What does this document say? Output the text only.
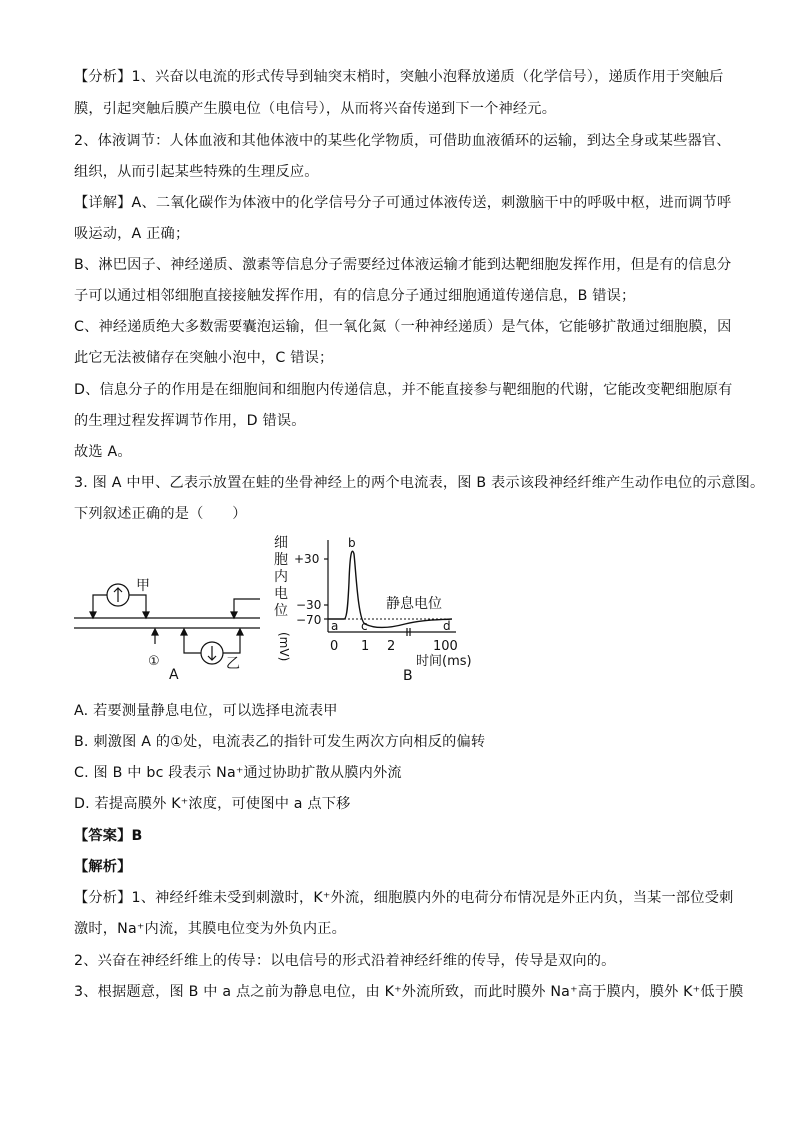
【分析】1、兴奋以电流的形式传导到轴突末梢时，突触小泡释放递质（化学信号），递质作用于突触后
膜，引起突触后膜产生膜电位（电信号），从而将兴奋传递到下一个神经元。
2、体液调节：人体血液和其他体液中的某些化学物质，可借助血液循环的运输，到达全身或某些器官、
组织，从而引起某些特殊的生理反应。
【详解】A、二氧化碳作为体液中的化学信号分子可通过体液传送，刺激脑干中的呼吸中枢，进而调节呼
吸运动，A 正确；
B、淋巴因子、神经递质、激素等信息分子需要经过体液运输才能到达靶细胞发挥作用，但是有的信息分
子可以通过相邻细胞直接接触发挥作用，有的信息分子通过细胞通道传递信息，B 错误；
C、神经递质绝大多数需要囊泡运输，但一氧化氮（一种神经递质）是气体，它能够扩散通过细胞膜，因
此它无法被储存在突触小泡中，C 错误；
D、信息分子的作用是在细胞间和细胞内传递信息，并不能直接参与靶细胞的代谢，它能改变靶细胞原有
的生理过程发挥调节作用，D 错误。
故选 A。
3. 图 A 中甲、乙表示放置在蛙的坐骨神经上的两个电流表，图 B 表示该段神经纤维产生动作电位的示意图。
下列叙述正确的是（　　）
甲
乙
①
A
细
胞
内
电
位
(mV)
+30
−30
−70
b
a c	d
静息电位
0 1 2	100
时间(ms)
B
A. 若要测量静息电位，可以选择电流表甲
B. 刺激图 A 的①处，电流表乙的指针可发生两次方向相反的偏转
C. 图 B 中 bc 段表示 Na⁺通过协助扩散从膜内外流
D. 若提高膜外 K⁺浓度，可使图中 a 点下移
【答案】B
【解析】
【分析】1、神经纤维未受到刺激时，K⁺外流，细胞膜内外的电荷分布情况是外正内负，当某一部位受刺
激时，Na⁺内流，其膜电位变为外负内正。
2、兴奋在神经纤维上的传导：以电信号的形式沿着神经纤维的传导，传导是双向的。
3、根据题意，图 B 中 a 点之前为静息电位，由 K⁺外流所致，而此时膜外 Na⁺高于膜内，膜外 K⁺低于膜
